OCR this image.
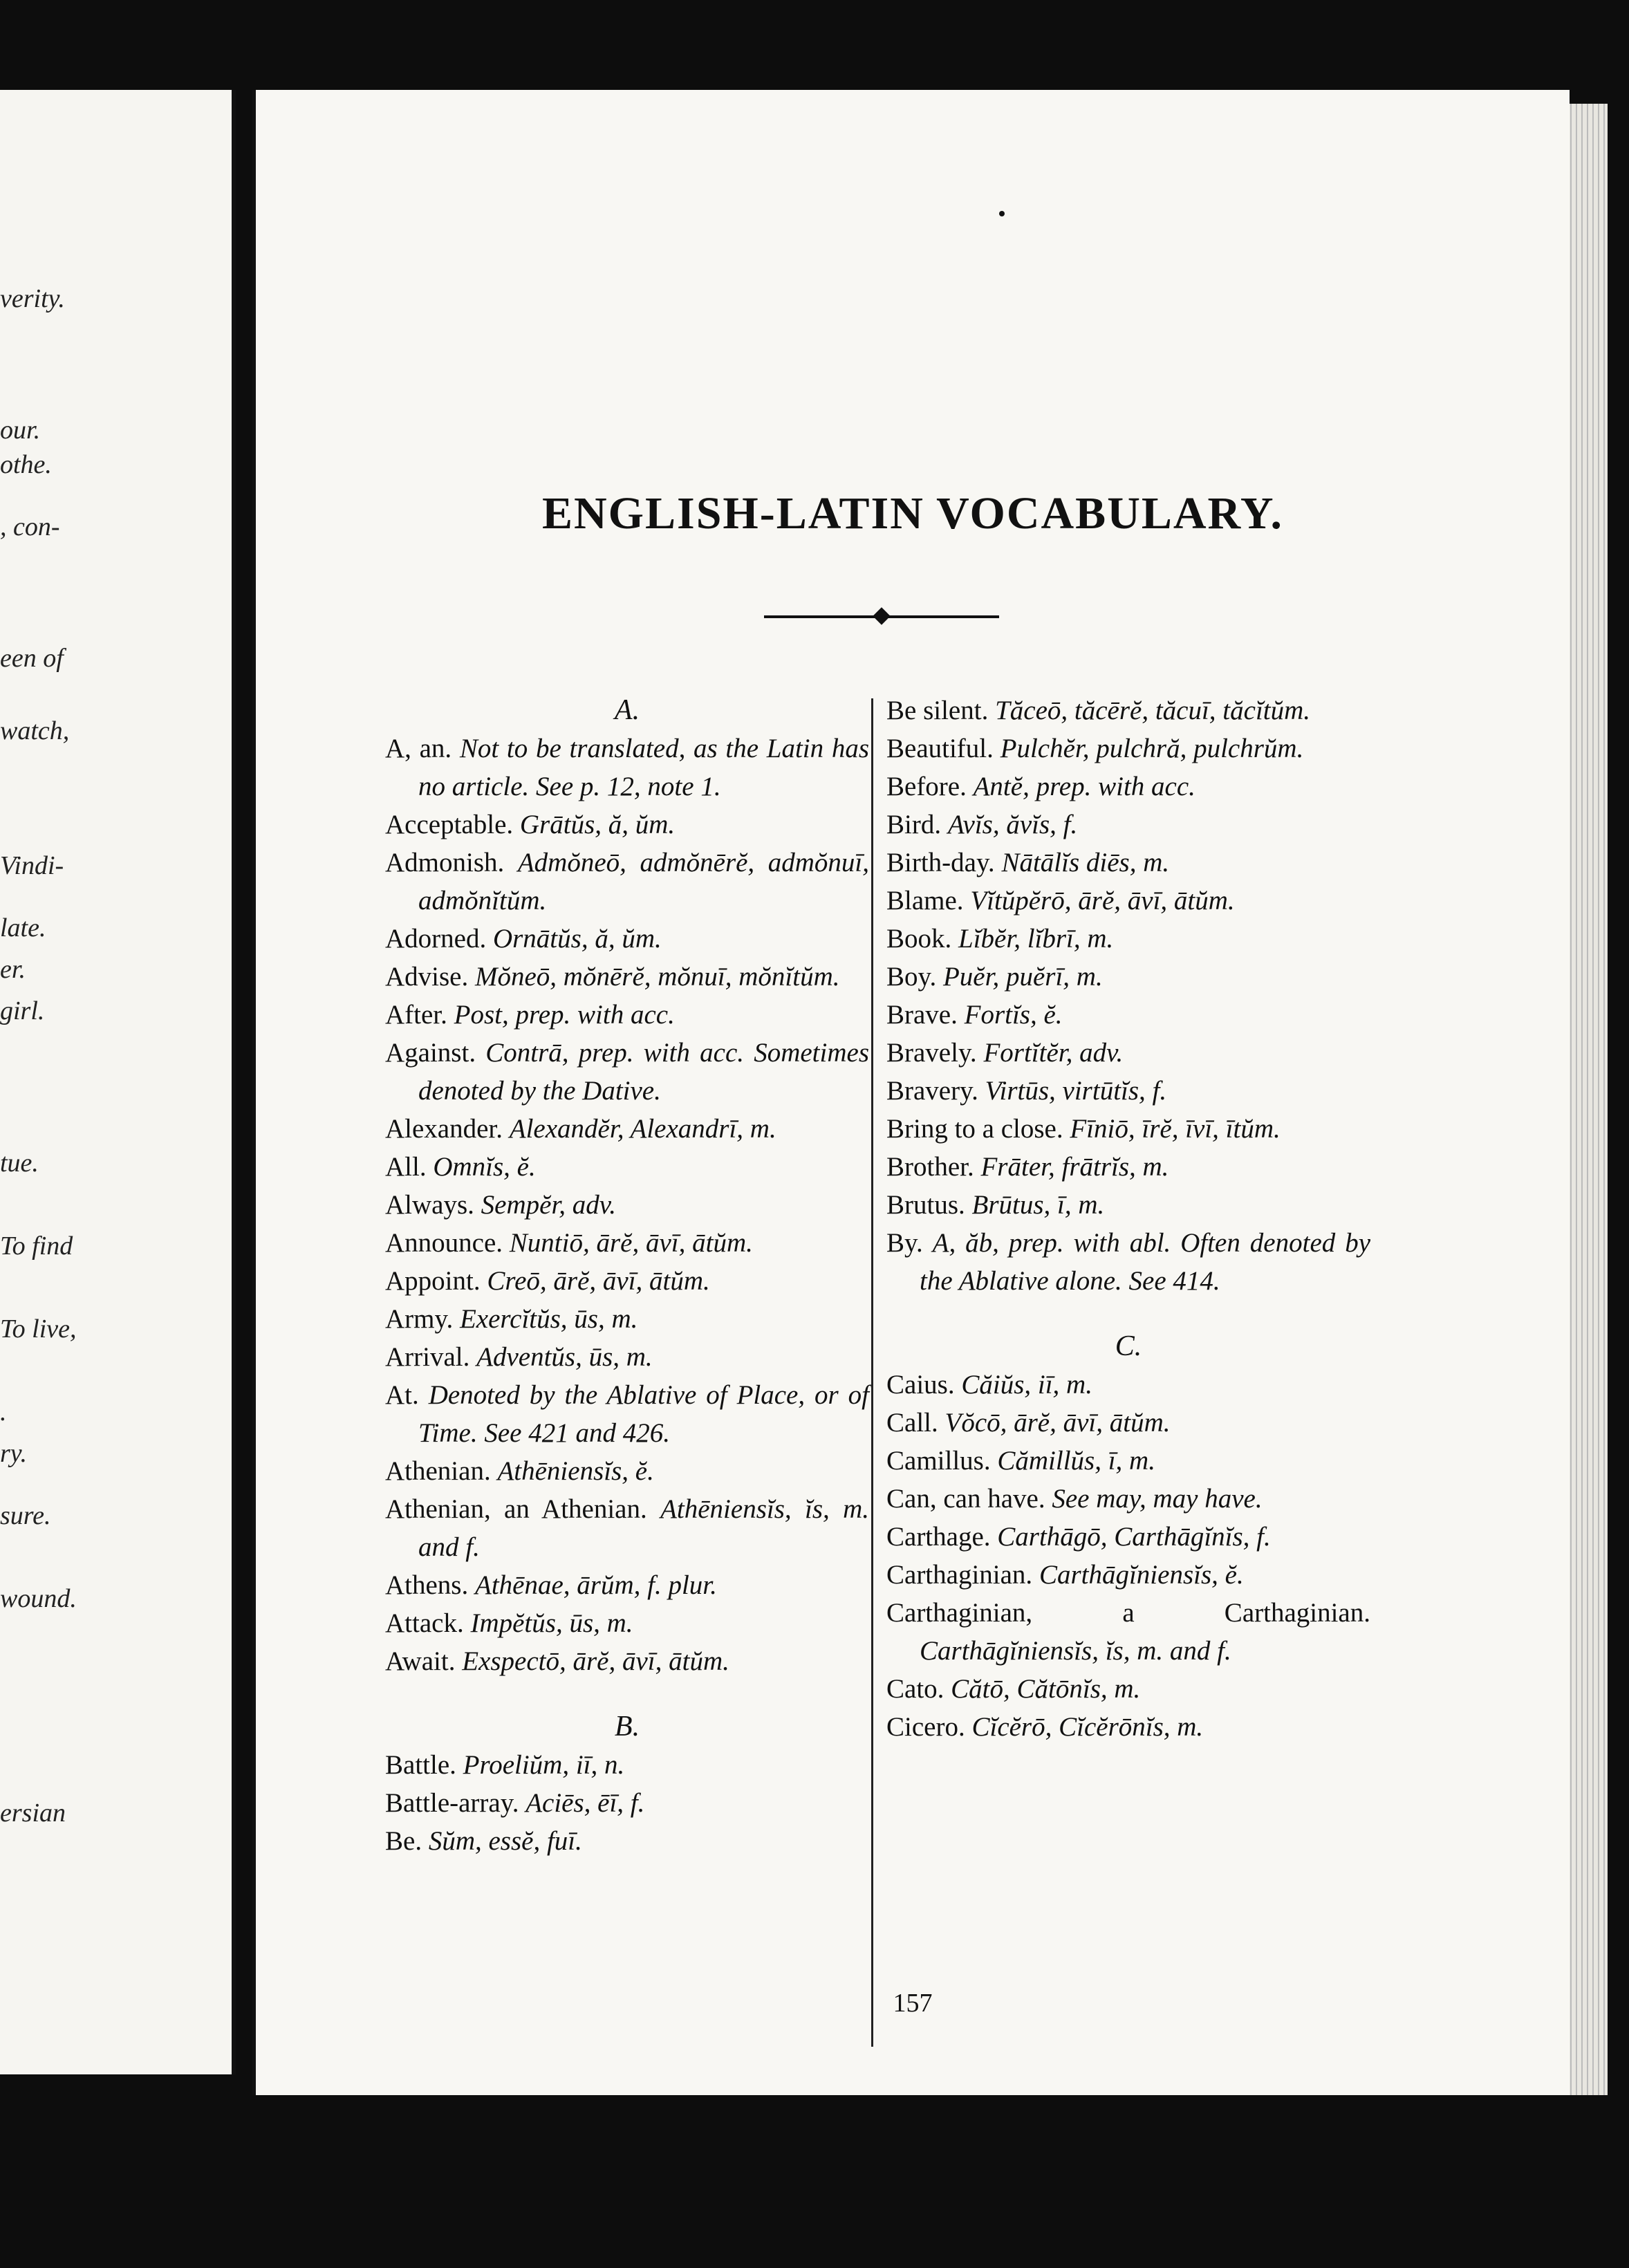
verity.
our.
othe.
, con-
een of
watch,
Vindi-
late.
er.
girl.
tue.
To find
To live,
.
ry.
sure.
wound.
ersian
ENGLISH-LATIN VOCABULARY.
A.
A, an. Not to be translated, as the Latin has no article. See p. 12, note 1.
Acceptable. Grātŭs, ă, ŭm.
Admonish. Admŏneō, admŏnērĕ, admŏnuī, admŏnĭtŭm.
Adorned. Ornātŭs, ă, ŭm.
Advise. Mŏneō, mŏnērĕ, mŏnuī, mŏnĭtŭm.
After. Post, prep. with acc.
Against. Contrā, prep. with acc. Sometimes denoted by the Dative.
Alexander. Alexandĕr, Alexandrī, m.
All. Omnĭs, ĕ.
Always. Sempĕr, adv.
Announce. Nuntiō, ārĕ, āvī, ātŭm.
Appoint. Creō, ārĕ, āvī, ātŭm.
Army. Exercĭtŭs, ūs, m.
Arrival. Adventŭs, ūs, m.
At. Denoted by the Ablative of Place, or of Time. See 421 and 426.
Athenian. Athēniensĭs, ĕ.
Athenian, an Athenian. Athēniensĭs, ĭs, m. and f.
Athens. Athēnae, ārŭm, f. plur.
Attack. Impĕtŭs, ūs, m.
Await. Exspectō, ārĕ, āvī, ātŭm.
B.
Battle. Proeliŭm, iī, n.
Battle-array. Aciēs, ēī, f.
Be. Sŭm, essĕ, fuī.
Be silent. Tăceō, tăcērĕ, tăcuī, tăcĭtŭm.
Beautiful. Pulchĕr, pulchră, pulchrŭm.
Before. Antĕ, prep. with acc.
Bird. Avĭs, ăvĭs, f.
Birth-day. Nātālĭs diēs, m.
Blame. Vĭtŭpĕrō, ārĕ, āvī, ātŭm.
Book. Lĭbĕr, lĭbrī, m.
Boy. Puĕr, puĕrī, m.
Brave. Fortĭs, ĕ.
Bravely. Fortĭtĕr, adv.
Bravery. Virtūs, virtūtĭs, f.
Bring to a close. Fīniō, īrĕ, īvī, ītŭm.
Brother. Frāter, frātrĭs, m.
Brutus. Brūtus, ī, m.
By. A, ăb, prep. with abl. Often denoted by the Ablative alone. See 414.
C.
Caius. Căiŭs, iī, m.
Call. Vŏcō, ārĕ, āvī, ātŭm.
Camillus. Cămillŭs, ī, m.
Can, can have. See may, may have.
Carthage. Carthāgō, Carthāgĭnĭs, f.
Carthaginian. Carthāgĭniensĭs, ĕ.
Carthaginian, a Carthaginian. Carthāgĭniensĭs, ĭs, m. and f.
Cato. Cătō, Cătōnĭs, m.
Cicero. Cĭcĕrō, Cĭcĕrōnĭs, m.
157
